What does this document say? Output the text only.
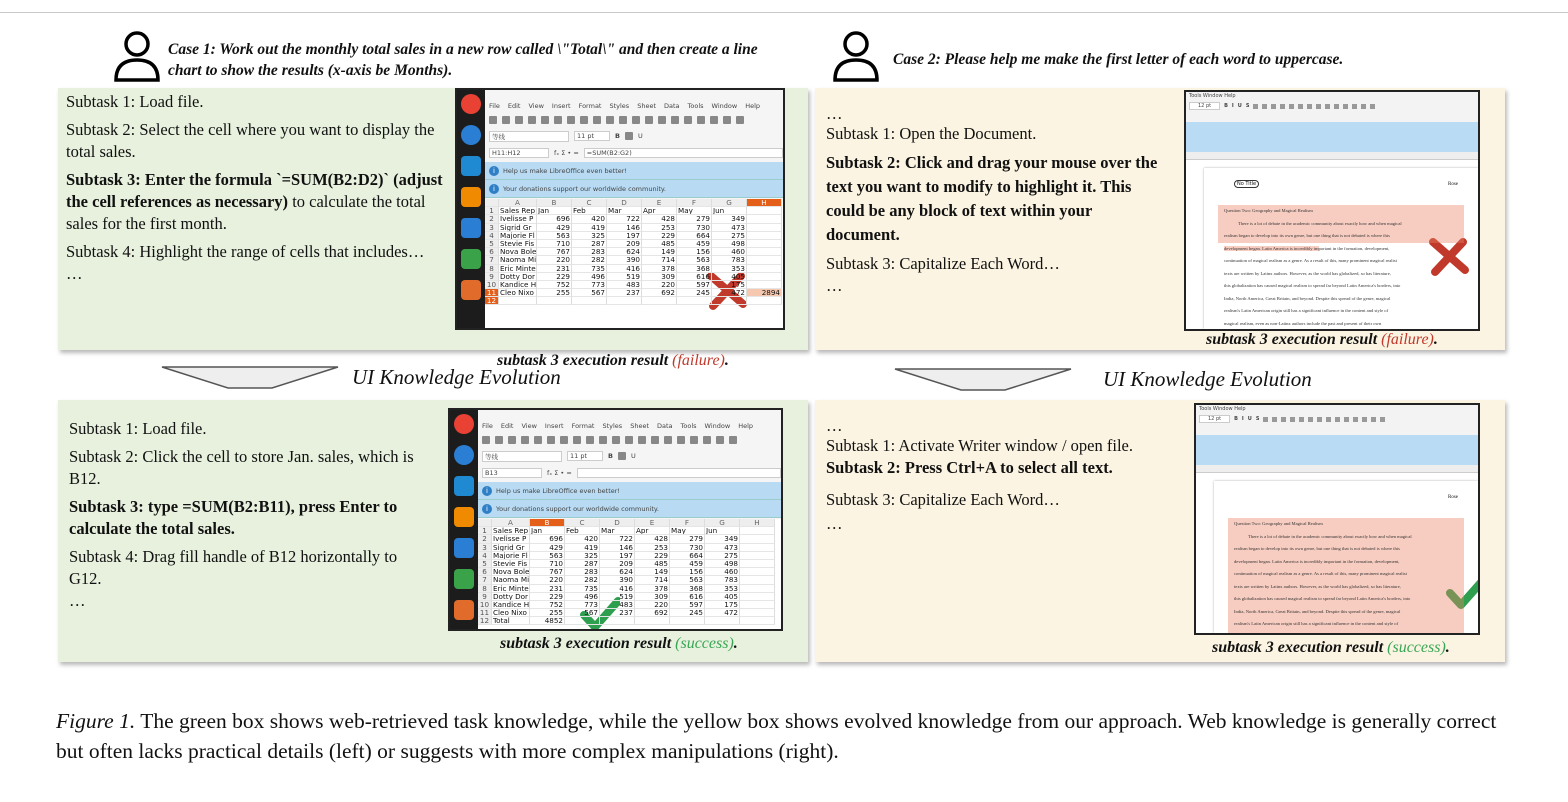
Case 1: Work out the monthly total sales in a new row called \"Total\" and then create a line chart to show the results (x-axis be Months).
Case 2: Please help me make the first letter of each word to uppercase.

Subtask 1: Load file.

Subtask 2: Select the cell where you want to display the total sales.

Subtask 3: Enter the formula `=SUM(B2:D2)` (adjust the cell references as necessary) to calculate the total sales for the first month.

Subtask 4: Highlight the range of cells that includes…

…

File Edit View Insert Format Styles Sheet Data Tools Window Help
等线	11 pt	B	U
H11:H12	fₓ Σ • =	=SUM(B2:G2)
i	Help us make LibreOffice even better!
i	Your donations support our worldwide community.
A	B	C	D	E	F	G	H
1 Sales Rep Jan	Feb	Mar	Apr	May	Jun
2 Ivelisse P	696	420	722	428	279	349
3 Sigrid Gr	429	419	146	253	730	473
4 Majorie Fl	563	325	197	229	664	275
5 Stevie Fis	710	287	209	485	459	498
6 Nova Bole	767	283	624	149	156	460
7 Naoma Mi	220	282	390	714	563	783
8 Eric Minte	231	735	416	378	368	353
9 Dotty Dor	229	496	519	309	616	405
10 Kandice H	752	773	483	220	597	175
11 Cleo Nixo	255	567	237	692	245	472	2894
12
subtask 3 execution result (failure).
UI Knowledge Evolution	UI Knowledge Evolution

Subtask 1: Load file.

Subtask 2: Click the cell to store Jan. sales, which is B12.

Subtask 3: type =SUM(B2:B11), press Enter to calculate the total sales.

Subtask 4: Drag fill handle of B12 horizontally to G12.

…

File Edit View Insert Format Styles Sheet Data Tools Window Help
等线	11 pt	B	U
B13	fₓ Σ • =
i	Help us make LibreOffice even better!
i	Your donations support our worldwide community.
A	B	C	D	E	F	G	H
1 Sales Rep Jan	Feb	Mar	Apr	May	Jun
2 Ivelisse P	696	420	722	428	279	349
3 Sigrid Gr	429	419	146	253	730	473
4 Majorie Fl	563	325	197	229	664	275
5 Stevie Fis	710	287	209	485	459	498
6 Nova Bole	767	283	624	149	156	460
7 Naoma Mi	220	282	390	714	563	783
8 Eric Minte	231	735	416	378	368	353
9 Dotty Dor	229	496	519	309	616	405
10 Kandice H	752	773	483	220	597	175
11 Cleo Nixo	255	567	237	692	245	472
12 Total	4852
subtask 3 execution result (success).

…

Subtask 1: Open the Document.

Subtask 2: Click and drag your mouse over the text you want to modify to highlight it. This could be any block of text within your document.

Subtask 3: Capitalize Each Word…

…

Tools Window Help
12 pt	B I U S
Rose
Question Two: Geography and Magical Realism
There is a lot of debate in the academic community about exactly how and when magical
realism began to develop into its own genre, but one thing that is not debated is where this
development began. Latin America is incredibly important in the formation, development,
continuation of magical realism as a genre. As a result of this, many prominent magical realist
texts are written by Latinx authors. However, as the world has globalized, so has literature,
this globalization has caused magical realism to spread far beyond Latin America's borders, into
India, North America, Great Britain, and beyond. Despite this spread of the genre, magical
realism's Latin American origin still has a significant influence in the content and style of
magical realism, even as non-Latinx authors include the past and present of their own
No Title
subtask 3 execution result (failure).

…

Subtask 1: Activate Writer window / open file.

Subtask 2: Press Ctrl+A to select all text.

Subtask 3: Capitalize Each Word…

…

Tools Window Help
12 pt	B I U S
Rose
Question Two: Geography and Magical Realism
There is a lot of debate in the academic community about exactly how and when magical
realism began to develop into its own genre, but one thing that is not debated is where this
development began. Latin America is incredibly important in the formation, development,
continuation of magical realism as a genre. As a result of this, many prominent magical realist
texts are written by Latinx authors. However, as the world has globalized, so has literature,
this globalization has caused magical realism to spread far beyond Latin America's borders, into
India, North America, Great Britain, and beyond. Despite this spread of the genre, magical
realism's Latin American origin still has a significant influence in the content and style of
subtask 3 execution result (success).
Figure 1. The green box shows web-retrieved task knowledge, while the yellow box shows evolved knowledge from our approach. Web knowledge is generally correct but often lacks practical details (left) or suggests with more complex manipulations (right).
